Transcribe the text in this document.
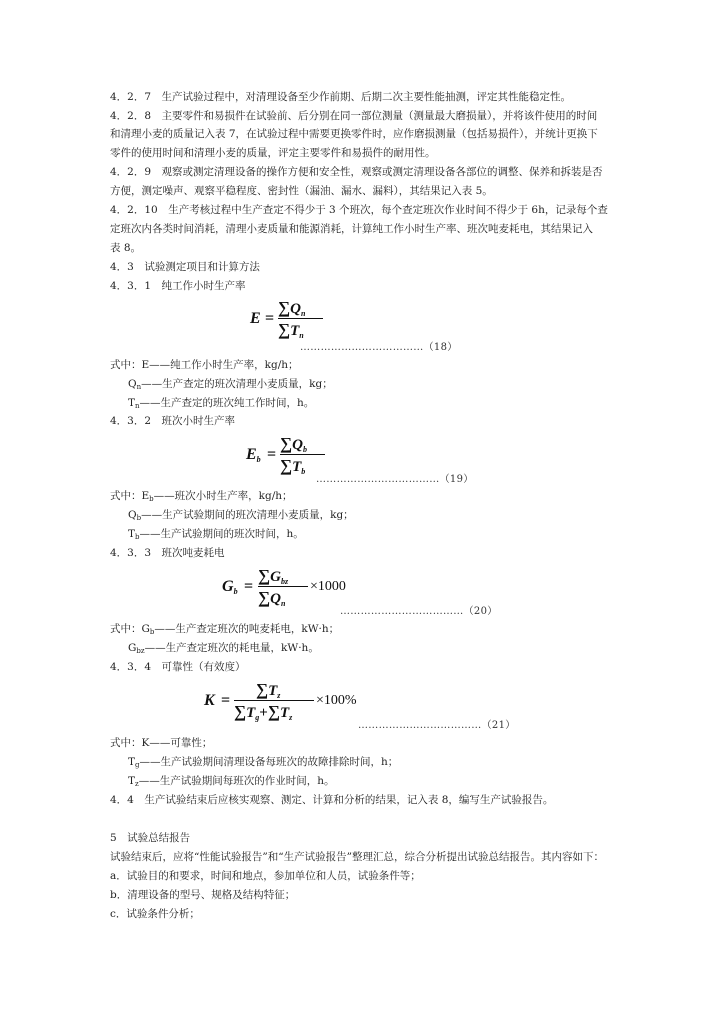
4．2．7　生产试验过程中，对清理设备至少作前期、后期二次主要性能抽测，评定其性能稳定性。
4．2．8　主要零件和易损件在试验前、后分别在同一部位测量（测量最大磨损量），并将该件使用的时间
和清理小麦的质量记入表 7，在试验过程中需要更换零件时，应作磨损测量（包括易损件），并统计更换下
零件的使用时间和清理小麦的质量，评定主要零件和易损件的耐用性。
4．2．9　观察或测定清理设备的操作方便和安全性，观察或测定清理设备各部位的调整、保养和拆装是否
方便，测定噪声、观察平稳程度、密封性（漏油、漏水、漏料），其结果记入表 5。
4．2．10　生产考核过程中生产查定不得少于 3 个班次，每个查定班次作业时间不得少于 6h，记录每个查
定班次内各类时间消耗，清理小麦质量和能源消耗，计算纯工作小时生产率、班次吨麦耗电，其结果记入
表 8。
4．3　试验测定项目和计算方法
4．3．1　纯工作小时生产率
E =
$\sum Q_n$
$\sum T_n$
………………………………（18）
式中：E——纯工作小时生产率，kg/h；
$Q_n——$生产查定的班次清理小麦质量，kg；
$T_n——$生产查定的班次纯工作时间，h。
4．3．2　班次小时生产率
$E_b$ =
$\sum Q_b$
$\sum T_b$
………………………………（19）
式中：$E_b——$班次小时生产率，kg/h；
$Q_b——$生产试验期间的班次清理小麦质量，kg；
$T_b——$生产试验期间的班次时间，h。
4．3．3　班次吨麦耗电
$G_b$ =
$\sum G_{bz}$
$\sum Q_n$
×1000
………………………………（20）
式中：$G_b——$生产查定班次的吨麦耗电，kW·h；
$G_{bz}——$生产查定班次的耗电量，kW·h。
4．3．4　可靠性（有效度）
K =
$\sum T_z$
$\sum T_g+\sum T_z$
×100%
………………………………（21）
式中：K——可靠性；
$T_g——$生产试验期间清理设备每班次的故障排除时间，h；
$T_z——$生产试验期间每班次的作业时间，h。
4．4　生产试验结束后应核实观察、测定、计算和分析的结果，记入表 8，编写生产试验报告。
5　试验总结报告
试验结束后，应将“性能试验报告”和“生产试验报告”整理汇总，综合分析提出试验总结报告。其内容如下：
a．试验目的和要求，时间和地点，参加单位和人员，试验条件等；
b．清理设备的型号、规格及结构特征；
c．试验条件分析；
